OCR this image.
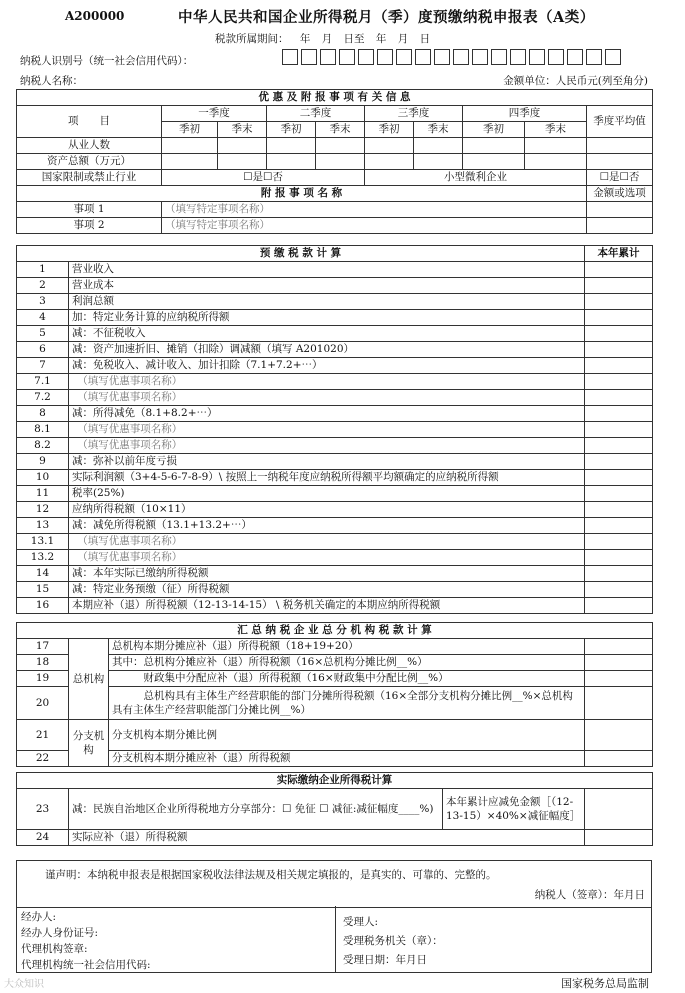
A200000	中华人民共和国企业所得税月（季）度预缴纳税申报表（A类）
税款所属期间： 年 月 日至 年 月 日
纳税人识别号（统一社会信用代码）：
纳税人名称：	金额单位：人民币元(列至角分)
优 惠 及 附 报 事 项 有 关 信 息									
项　　目	一季度		二季度		三季度		四季度		季度平均值
	季初	季末	季初	季末	季初	季末	季初	季末	
从业人数									
资产总额（万元）									
国家限制或禁止行业	☐是☐否				小型微利企业				☐是☐否
附 报 事 项 名 称									金额或选项
事项 1	（填写特定事项名称）								
事项 2	（填写特定事项名称）								
预 缴 税 款 计 算		本年累计
1	营业收入	
2	营业成本	
3	利润总额	
4	加：特定业务计算的应纳税所得额	
5	减：不征税收入	
6	减：资产加速折旧、摊销（扣除）调减额（填写 A201020）	
7	减：免税收入、减计收入、加计扣除（7.1+7.2+⋯）	
7.1	　（填写优惠事项名称）	
7.2	　（填写优惠事项名称）	
8	减：所得减免（8.1+8.2+⋯）	
8.1	　（填写优惠事项名称）	
8.2	　（填写优惠事项名称）	
9	减：弥补以前年度亏损	
10	实际利润额（3+4-5-6-7-8-9）\ 按照上一纳税年度应纳税所得额平均额确定的应纳税所得额	
11	税率(25%)	
12	应纳所得税额（10×11）	
13	减：减免所得税额（13.1+13.2+⋯）	
13.1	　（填写优惠事项名称）	
13.2	　（填写优惠事项名称）	
14	减：本年实际已缴纳所得税额	
15	减：特定业务预缴（征）所得税额	
16	本期应补（退）所得税额（12-13-14-15） \ 税务机关确定的本期应纳所得税额	
汇 总 纳 税 企 业 总 分 机 构 税 款 计 算			
17	总机构	总机构本期分摊应补（退）所得税额（18+19+20）	
18		其中：总机构分摊应补（退）所得税额（16×总机构分摊比例__%）	
19		　　　财政集中分配应补（退）所得税额（16×财政集中分配比例__%）	
20		　　　总机构具有主体生产经营职能的部门分摊所得税额（16×全部分支机构分摊比例__%×总机构具有主体生产经营职能部门分摊比例__%）	
21	分支机构	分支机构本期分摊比例	
22		分支机构本期分摊应补（退）所得税额	
实际缴纳企业所得税计算			
23	减：民族自治地区企业所得税地方分享部分：☐ 免征 ☐ 减征:减征幅度____%)	本年累计应减免金额［（12-13-15）×40%×减征幅度］	
24	实际应补（退）所得税额		
谨声明：本纳税申报表是根据国家税收法律法规及相关规定填报的，是真实的、可靠的、完整的。
纳税人（签章）：年月日
经办人:
经办人身份证号:
代理机构签章:
代理机构统一社会信用代码:
受理人:
受理税务机关（章）：
受理日期：年月日
大众知识	国家税务总局监制
